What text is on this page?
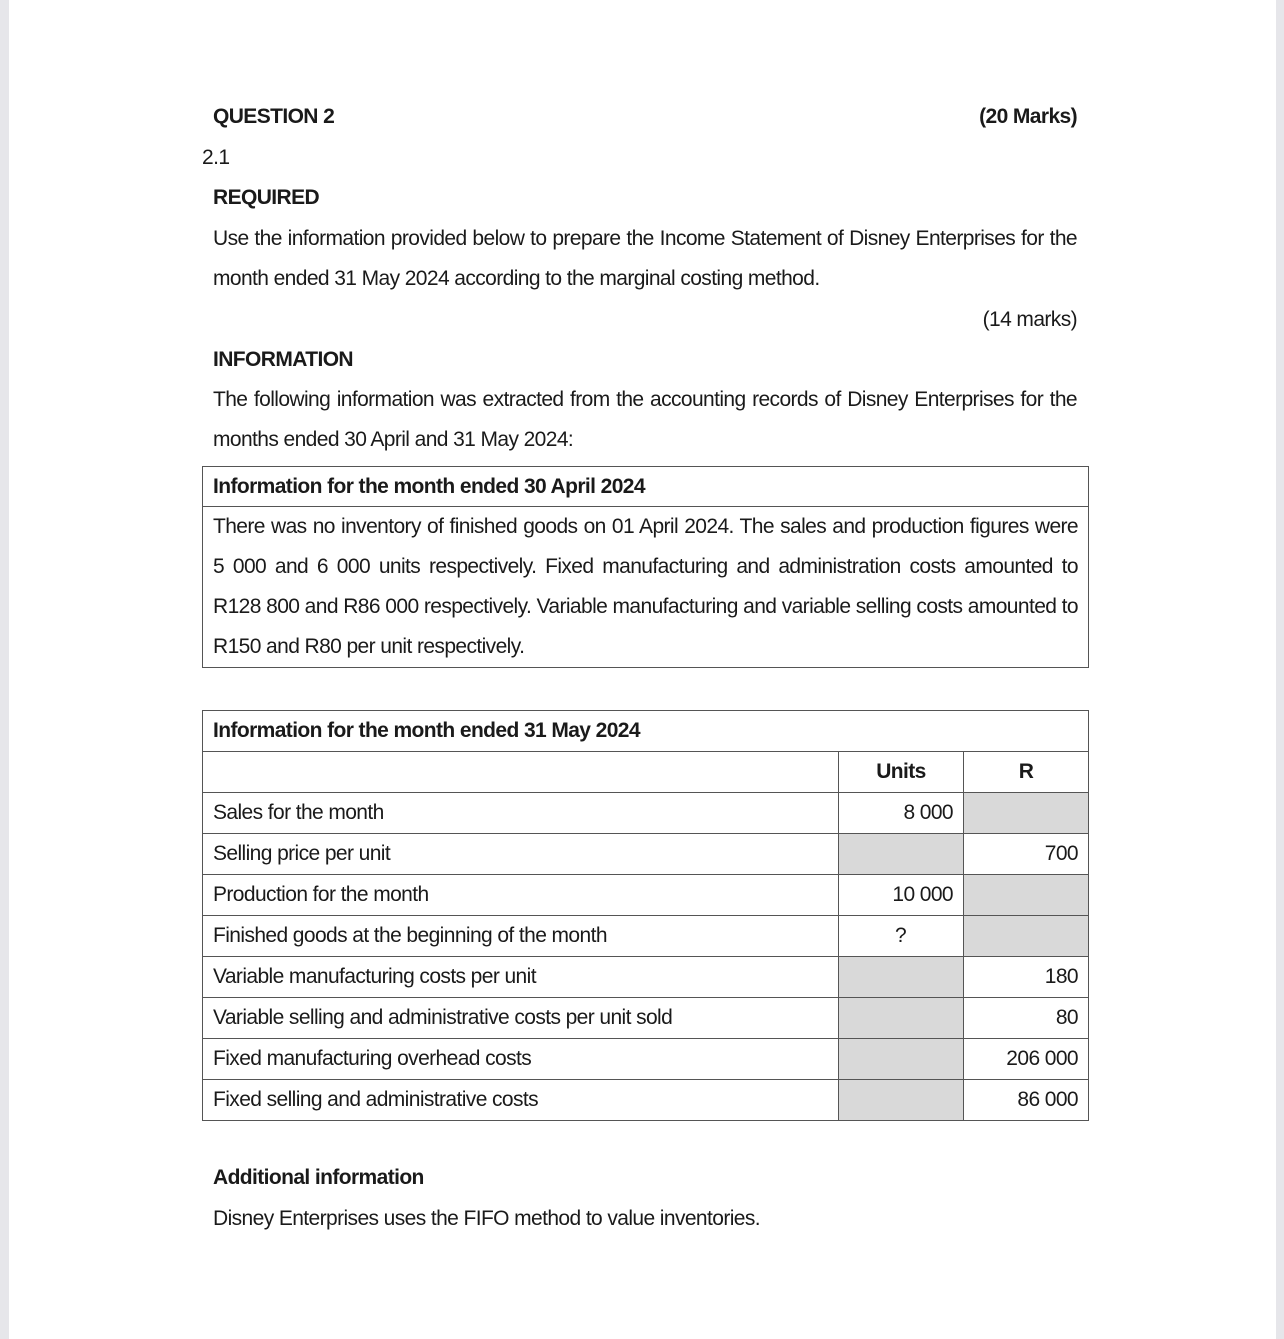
QUESTION 2	(20 Marks)
2.1
REQUIRED
Use the information provided below to prepare the Income Statement of Disney Enterprises for the month ended 31 May 2024 according to the marginal costing method.
(14 marks)
INFORMATION
The following information was extracted from the accounting records of Disney Enterprises for the months ended 30 April and 31 May 2024:
Information for the month ended 30 April 2024
There was no inventory of finished goods on 01 April 2024. The sales and production figures were 5 000 and 6 000 units respectively. Fixed manufacturing and administration costs amounted to R128 800 and R86 000 respectively. Variable manufacturing and variable selling costs amounted to R150 and R80 per unit respectively.
Information for the month ended 31 May 2024		
	Units	R
Sales for the month	8 000	
Selling price per unit		700
Production for the month	10 000	
Finished goods at the beginning of the month	?	
Variable manufacturing costs per unit		180
Variable selling and administrative costs per unit sold		80
Fixed manufacturing overhead costs		206 000
Fixed selling and administrative costs		86 000
Additional information
Disney Enterprises uses the FIFO method to value inventories.
